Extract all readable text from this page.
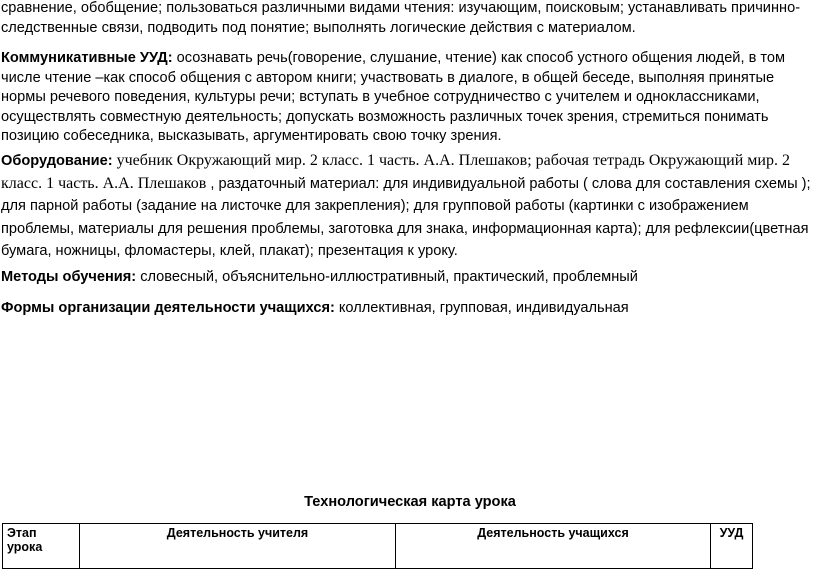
сравнение, обобщение; пользоваться различными видами чтения: изучающим, поисковым; устанавливать причинно-следственные связи, подводить под понятие; выполнять логические действия с материалом.

Коммуникативные УУД: осознавать речь(говорение, слушание, чтение) как способ устного общения людей, в том числе чтение –как способ общения с автором книги; участвовать в диалоге, в общей беседе, выполняя принятые нормы речевого поведения, культуры речи; вступать в учебное сотрудничество с учителем и одноклассниками, осуществлять совместную деятельность; допускать возможность различных точек зрения, стремиться понимать позицию собеседника, высказывать, аргументировать свою точку зрения.

Оборудование: учебник Окружающий мир. 2 класс. 1 часть. А.А. Плешаков; рабочая тетрадь Окружающий мир. 2 класс. 1 часть. А.А. Плешаков , раздаточный материал: для индивидуальной работы ( слова для составления схемы ); для парной работы (задание на листочке для закрепления); для групповой работы (картинки с изображением проблемы, материалы для решения проблемы, заготовка для знака, информационная карта); для рефлексии(цветная бумага, ножницы, фломастеры, клей, плакат); презентация к уроку.

Методы обучения: словесный, объяснительно-иллюстративный, практический, проблемный

Формы организации деятельности учащихся: коллективная, групповая, индивидуальная

Технологическая карта урока
Этап урока	Деятельность учителя	Деятельность учащихся	УУД
